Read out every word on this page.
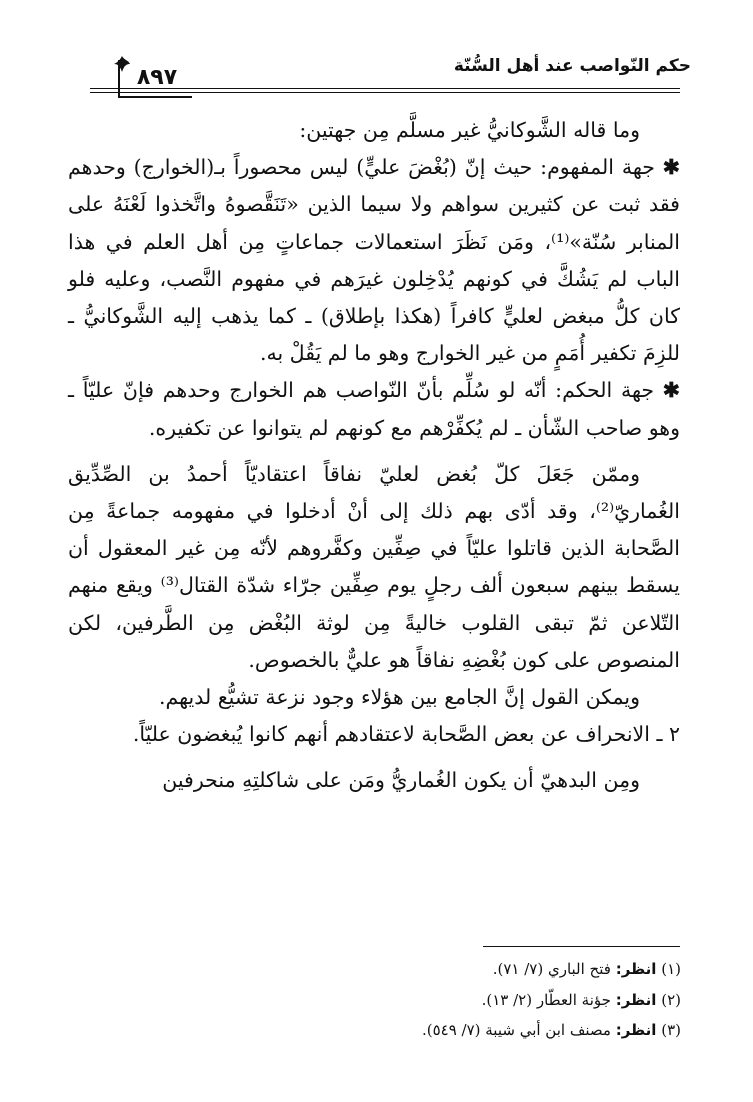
حكم النّواصب عند أهل السُّنّة
٨٩٧

وما قاله الشَّوكانيُّ غير مسلَّم مِن جهتين:

✱ جهة المفهوم: حيث إنّ (بُغْضَ عليٍّ) ليس محصوراً بـ(الخوارج) وحدهم فقد ثبت عن كثيرين سواهم ولا سيما الذين «تَنَقَّصوهُ واتَّخذوا لَعْنَهُ على المنابر سُنّة»⁽¹⁾، ومَن نَظَرَ استعمالات جماعاتٍ مِن أهل العلم في هذا الباب لم يَشُكَّ في كونهم يُدْخِلون غيرَهم في مفهوم النَّصب، وعليه فلو كان كلُّ مبغض لعليٍّ كافراً (هكذا بإطلاق) ـ كما يذهب إليه الشَّوكانيُّ ـ للزِمَ تكفير أُمَمٍ من غير الخوارج وهو ما لم يَقُلْ به.

✱ جهة الحكم: أنّه لو سُلِّم بأنّ النّواصب هم الخوارج وحدهم فإنّ عليّاً ـ وهو صاحب الشّأن ـ لم يُكفِّرْهم مع كونهم لم يتوانوا عن تكفيره.

وممّن جَعَلَ كلّ بُغض لعليّ نفاقاً اعتقاديّاً أحمدُ بن الصِّدِّيق الغُماريّ⁽²⁾، وقد أدّى بهم ذلك إلى أنْ أدخلوا في مفهومه جماعةً مِن الصَّحابة الذين قاتلوا عليّاً في صِفِّين وكفَّروهم لأنّه مِن غير المعقول أن يسقط بينهم سبعون ألف رجلٍ يوم صِفِّين جرّاء شدّة القتال⁽³⁾ ويقع منهم التّلاعن ثمّ تبقى القلوب خاليةً مِن لوثة البُغْض مِن الطَّرفين، لكن المنصوص على كون بُغْضِهِ نفاقاً هو عليٌّ بالخصوص.

ويمكن القول إنَّ الجامع بين هؤلاء وجود نزعة تشيُّع لديهم.

٢ ـ الانحراف عن بعض الصَّحابة لاعتقادهم أنهم كانوا يُبغضون عليّاً.

ومِن البدهيّ أن يكون الغُماريُّ ومَن على شاكلتِهِ منحرفين

(١) انظر: فتح الباري (٧/ ٧١).
(٢) انظر: جؤنة العطّار (٢/ ١٣).
(٣) انظر: مصنف ابن أبي شيبة (٧/ ٥٤٩).
